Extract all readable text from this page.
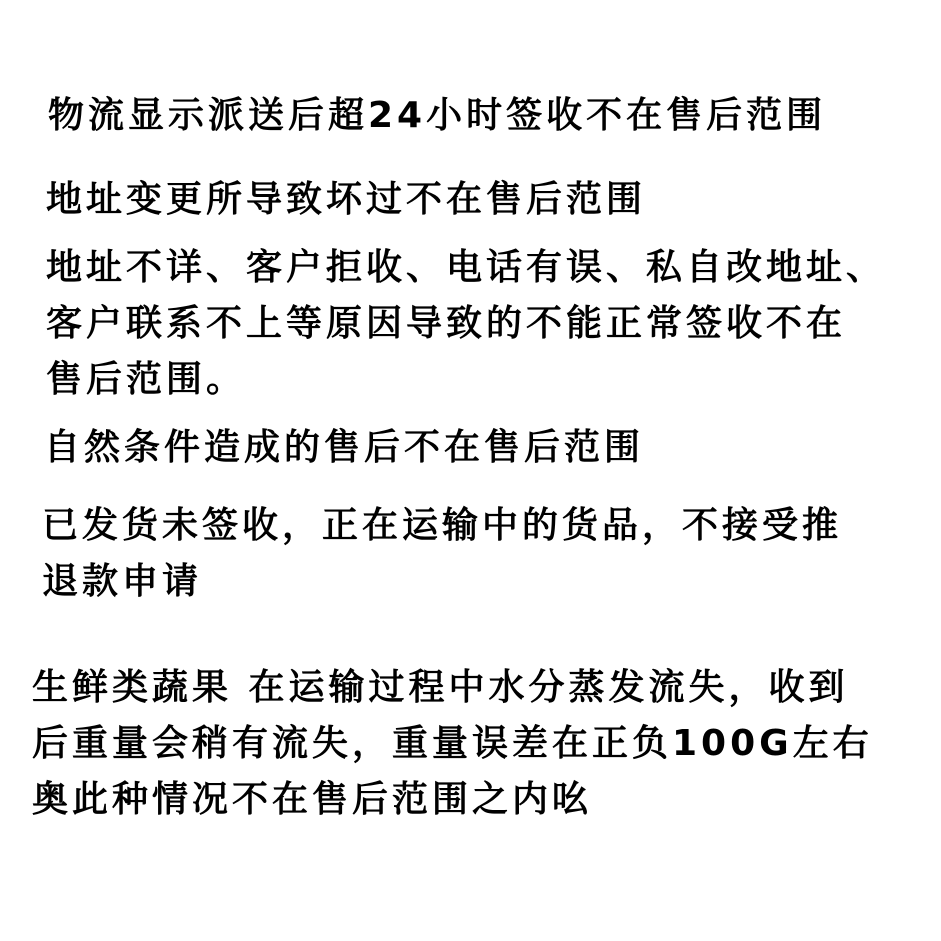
物流显示派送后超24小时签收不在售后范围

地址变更所导致坏过不在售后范围

地址不详、客户拒收、电话有误、私自改地址、

客户联系不上等原因导致的不能正常签收不在

售后范围。

自然条件造成的售后不在售后范围

已发货未签收，正在运输中的货品，不接受推

退款申请

生鲜类蔬果 在运输过程中水分蒸发流失，收到

后重量会稍有流失，重量误差在正负100G左右

奥此种情况不在售后范围之内吆
